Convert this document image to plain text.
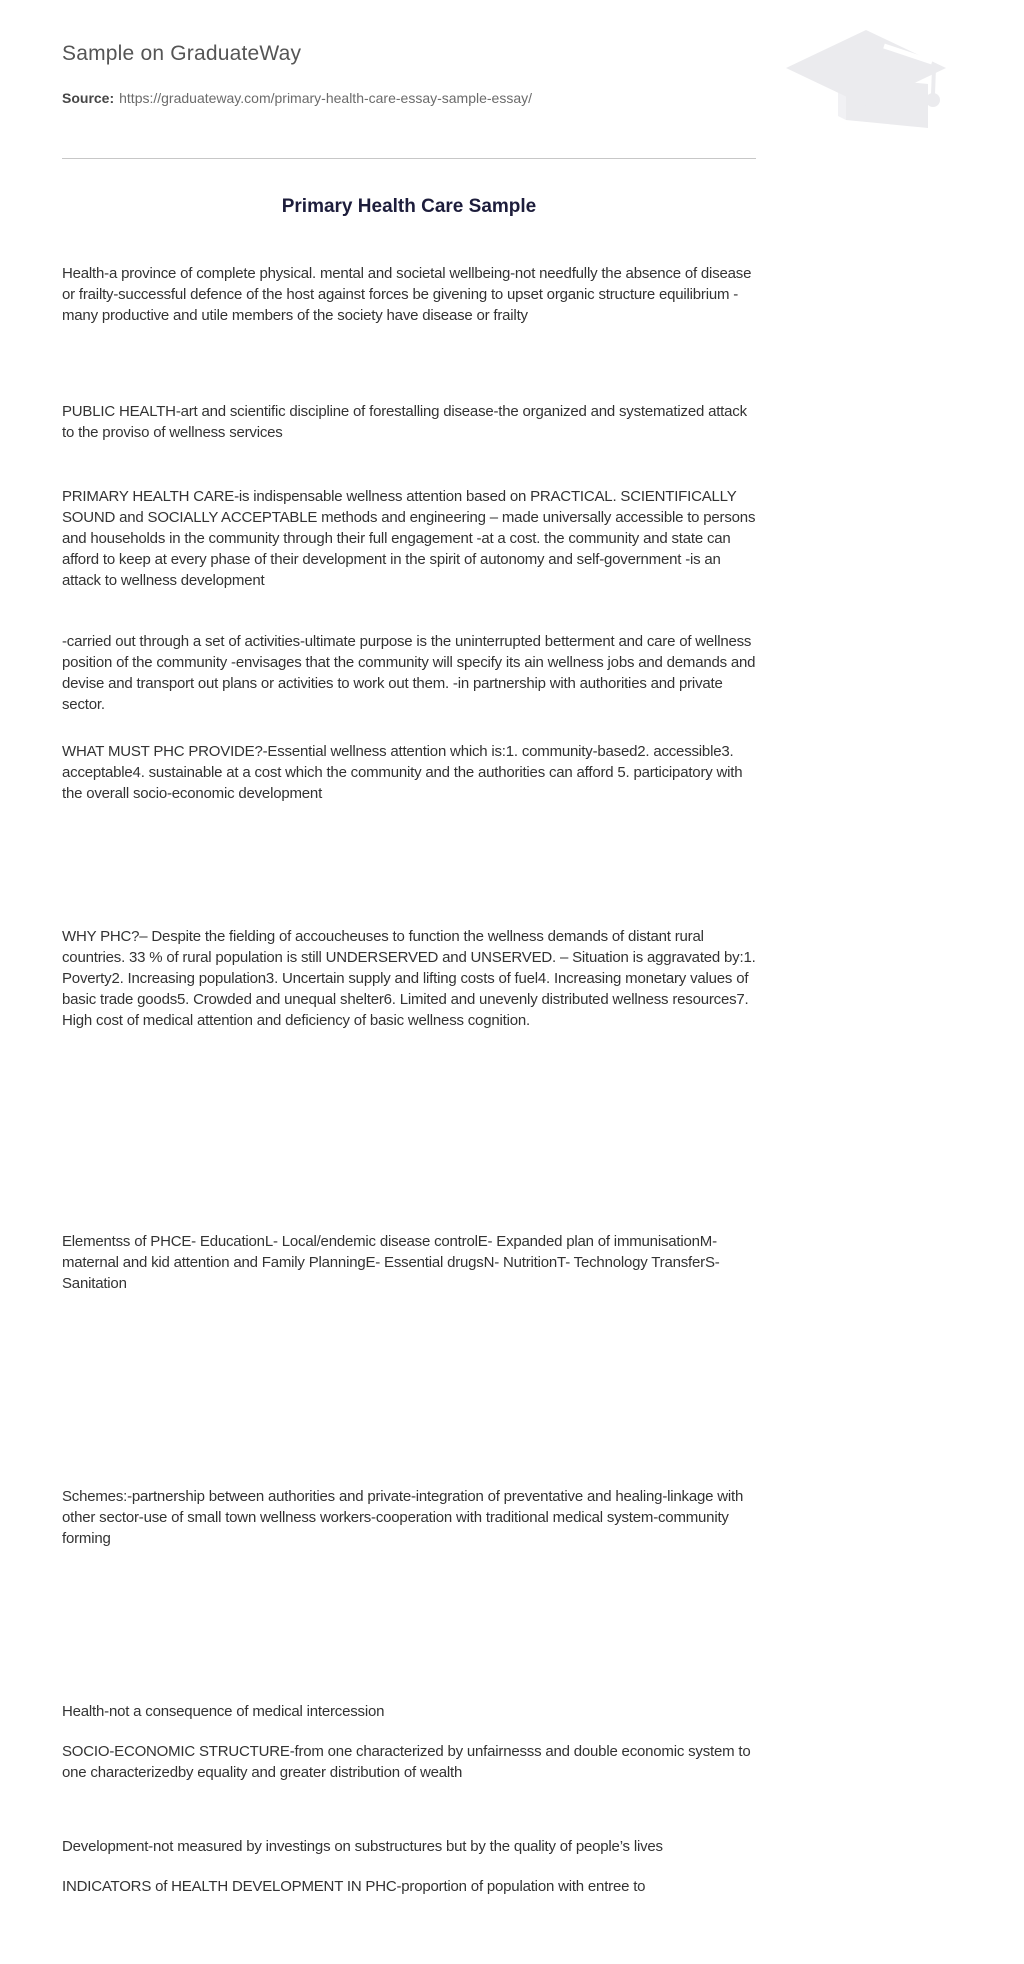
Sample on GraduateWay

Source: https://graduateway.com/primary-health-care-essay-sample-essay/

Primary Health Care Sample

Health-a province of complete physical. mental and societal wellbeing-not needfully the absence of disease or frailty-successful defence of the host against forces be givening to upset organic structure equilibrium - many productive and utile members of the society have disease or frailty

PUBLIC HEALTH-art and scientific discipline of forestalling disease-the organized and systematized attack to the proviso of wellness services

PRIMARY HEALTH CARE-is indispensable wellness attention based on PRACTICAL. SCIENTIFICALLY SOUND and SOCIALLY ACCEPTABLE methods and engineering – made universally accessible to persons and households in the community through their full engagement -at a cost. the community and state can afford to keep at every phase of their development in the spirit of autonomy and self-government -is an attack to wellness development

-carried out through a set of activities-ultimate purpose is the uninterrupted betterment and care of wellness position of the community -envisages that the community will specify its ain wellness jobs and demands and devise and transport out plans or activities to work out them. -in partnership with authorities and private sector.

WHAT MUST PHC PROVIDE?-Essential wellness attention which is:1. community-based2. accessible3. acceptable4. sustainable at a cost which the community and the authorities can afford 5. participatory with the overall socio-economic development

WHY PHC?– Despite the fielding of accoucheuses to function the wellness demands of distant rural countries. 33 % of rural population is still UNDERSERVED and UNSERVED. – Situation is aggravated by:1. Poverty2. Increasing population3. Uncertain supply and lifting costs of fuel4. Increasing monetary values of basic trade goods5. Crowded and unequal shelter6. Limited and unevenly distributed wellness resources7. High cost of medical attention and deficiency of basic wellness cognition.

Elementss of PHCE- EducationL- Local/endemic disease controlE- Expanded plan of immunisationM- maternal and kid attention and Family PlanningE- Essential drugsN- NutritionT- Technology TransferS- Sanitation

Schemes:-partnership between authorities and private-integration of preventative and healing-linkage with other sector-use of small town wellness workers-cooperation with traditional medical system-community forming

Health-not a consequence of medical intercession

SOCIO-ECONOMIC STRUCTURE-from one characterized by unfairnesss and double economic system to one characterizedby equality and greater distribution of wealth

Development-not measured by investings on substructures but by the quality of people’s lives

INDICATORS of HEALTH DEVELOPMENT IN PHC-proportion of population with entree to
